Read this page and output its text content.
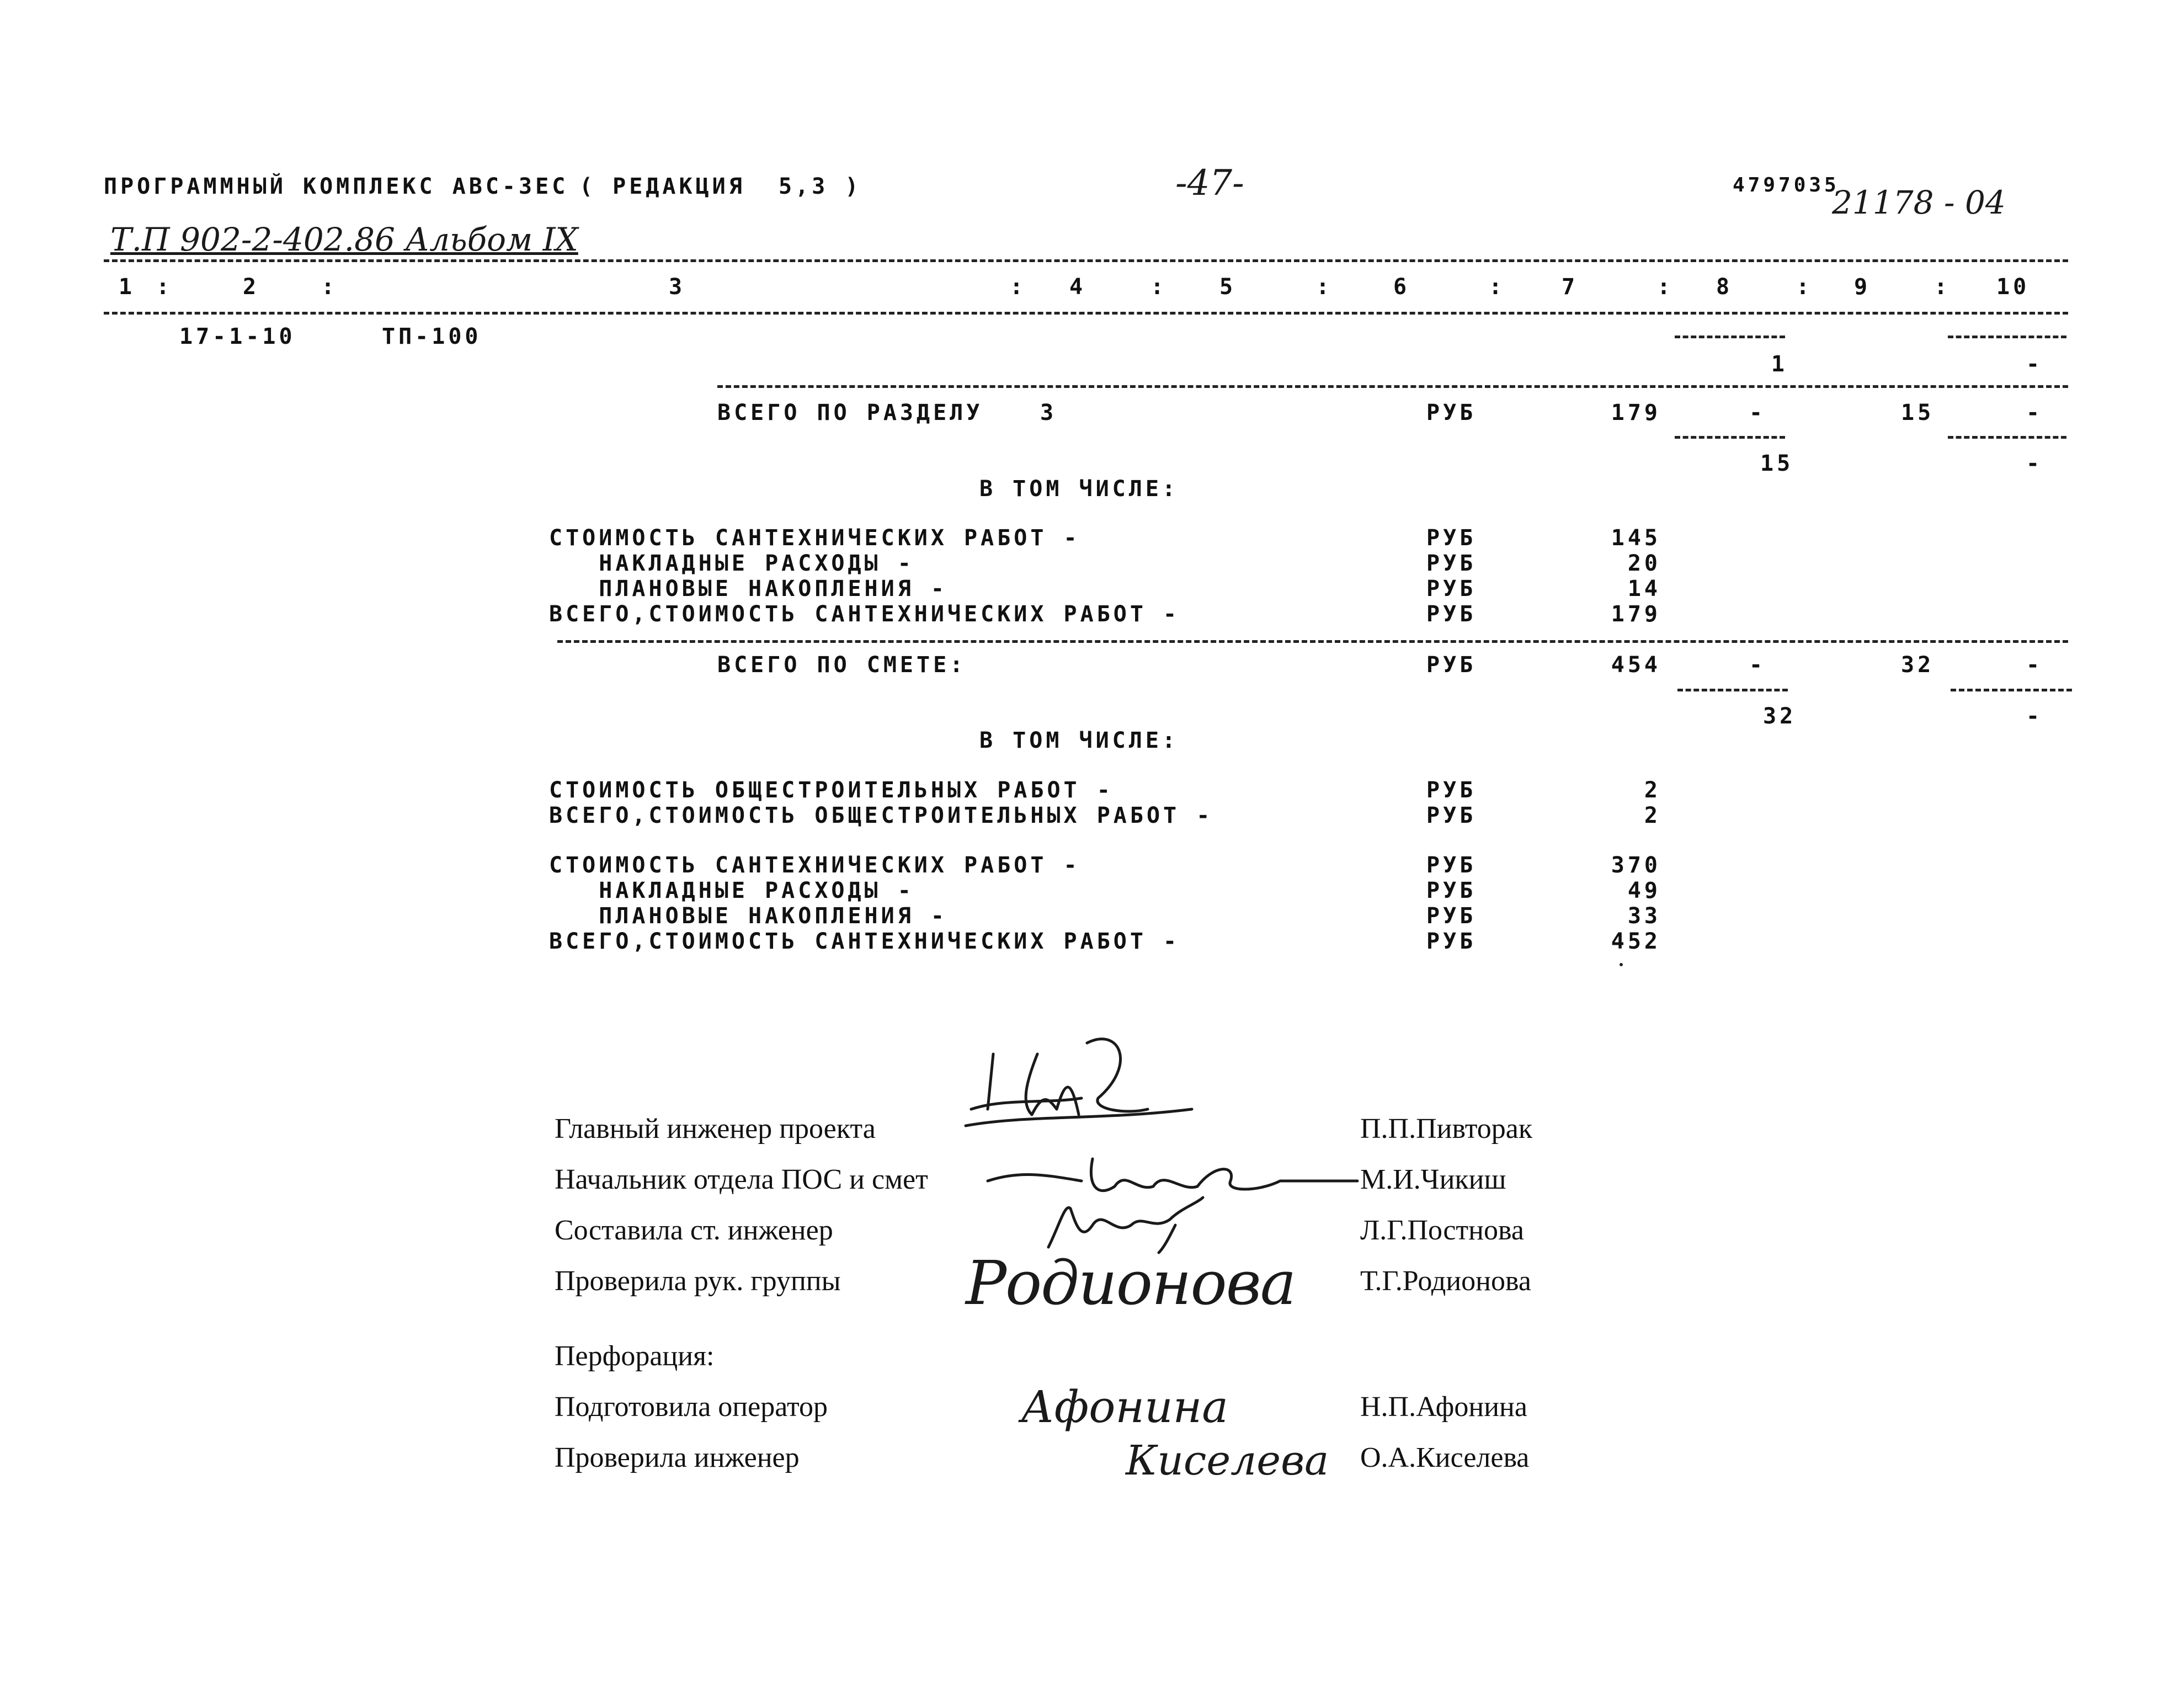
ПРОГРАММНЫЙ КОМПЛЕКС АВС-ЗЕС ( РЕДАКЦИЯ  5,3 )	-47-	4797035
21178 - 04
Т.П 902-2-402.86 Альбом IX
1 :	2	:	3	: 4	: 5	:	6	:	7	: 8	: 9	: 10
17-1-10	ТП-100
1	-
ВСЕГО ПО РАЗДЕЛУ	3	РУБ	179	-	15	-
15	-
В ТОМ ЧИСЛЕ:
СТОИМОСТЬ САНТЕХНИЧЕСКИХ РАБОТ -	РУБ	145
НАКЛАДНЫЕ РАСХОДЫ -	РУБ	20
ПЛАНОВЫЕ НАКОПЛЕНИЯ -	РУБ	14
ВСЕГО,СТОИМОСТЬ САНТЕХНИЧЕСКИХ РАБОТ -	РУБ	179
ВСЕГО ПО СМЕТЕ:	РУБ	454	-	32	-
32	-
В ТОМ ЧИСЛЕ:
СТОИМОСТЬ ОБЩЕСТРОИТЕЛЬНЫХ РАБОТ -	РУБ	2
ВСЕГО,СТОИМОСТЬ ОБЩЕСТРОИТЕЛЬНЫХ РАБОТ -	РУБ	2
СТОИМОСТЬ САНТЕХНИЧЕСКИХ РАБОТ -	РУБ	370
НАКЛАДНЫЕ РАСХОДЫ -	РУБ	49
ПЛАНОВЫЕ НАКОПЛЕНИЯ -	РУБ	33
ВСЕГО,СТОИМОСТЬ САНТЕХНИЧЕСКИХ РАБОТ -	РУБ	452
Главный инженер проекта	П.П.Пивторак
Начальник отдела ПОС и смет	М.И.Чикиш
Составила ст. инженер	Л.Г.Постнова
Проверила рук. группы	Т.Г.Родионова
Перфорация:
Подготовила оператор	Н.П.Афонина
Проверила инженер	О.А.Киселева
Родионова
Афонина
Киселева
